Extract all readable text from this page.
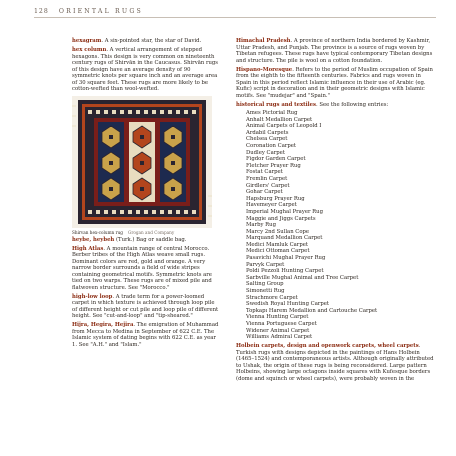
128 ORIENTAL RUGS
hexagram. A six-pointed star, the star of David.
hex column. A vertical arrangement of stepped hexagons. This design is very common on nineteenth century rugs of Shirvān in the Caucasus. Shirvān rugs of this design have an average density of 90 symmetric knots per square inch and an average area of 30 square feet. These rugs are more likely to be cotton-wefted than wool-wefted.
Shirvan hex-column rug Grogan and Company
heybe, heybeh (Turk.) Bag or saddle bag.
High Atlas. A mountain range of central Morocco. Berber tribes of the High Atlas weave small rugs. Dominant colors are red, gold and orange. A very narrow border surrounds a field of wide stripes containing geometrical motifs. Symmetric knots are tied on two warps. These rugs are of mixed pile and flatwoven structure. See "Morocco."
high-low loop. A trade term for a power-loomed carpet in which texture is achieved through loop pile of different height or cut pile and loop pile of different height. See "cut-and-loop" and "tip-sheared."
Hijra, Hegira, Hejira. The emigration of Muhammad from Mecca to Medina in September of 622 C.E. The Islamic system of dating begins with 622 C.E. as year 1. See "A.H." and "Islam."
Himachal Pradesh. A province of northern India bordered by Kashmir, Uttar Pradesh, and Punjab. The province is a source of rugs woven by Tibetan refugees. These rugs have typical contemporary Tibetan designs and structure. The pile is wool on a cotton foundation.
Hispano-Moresque. Refers to the period of Muslim occupation of Spain from the eighth to the fifteenth centuries. Fabrics and rugs woven in Spain in this period reflect Islamic influence in their use of Arabic (eg. Kufic) script in decoration and in their geometric designs with Islamic motifs. See "mudejar" and "Spain."
historical rugs and textiles. See the following entries:
Ames Pictorial Rug
Anhalt Medallion Carpet
Animal Carpets of Leopold I
Ardabil Carpets
Chelsea Carpet
Coronation Carpet
Dudley Carpet
Figdor Garden Carpet
Fletcher Prayer Rug
Fostat Carpet
Fremlin Carpet
Girdlers' Carpet
Gohar Carpet
Hapsburg Prayer Rug
Havemeyer Carpet
Imperial Mughal Prayer Rug
Maggie and Jiggs Carpets
Marby Rug
Marcy 2nd Sullan Cope
Marquand Medallion Carpet
Medici Mamluk Carpet
Medici Ottoman Carpet
Pasavichi Mughal Prayer Rug
Parvyk Carpet
Poldi Pezzoli Hunting Carpet
Sarbville Mughal Animal and Tree Carpet
Salting Group
Simonetti Rug
Strachmore Carpet
Swedish Royal Hunting Carpet
Topkapı Harem Medallion and Cartouche Carpet
Vienna Hunting Carpet
Vienna Portuguese Carpet
Widener Animal Carpet
Williams Admiral Carpet
Holbein carpets, design and openwork carpets, wheel carpets. Turkish rugs with designs depicted in the paintings of Hans Holbein (1465–1524) and contemporaneous artists. Although originally attributed to Ushak, the origin of these rugs is being reconsidered. Large pattern Holbeins, showing large octagons inside squares with Kufesque borders (dome and squinch or wheel carpets), were probably woven in the
